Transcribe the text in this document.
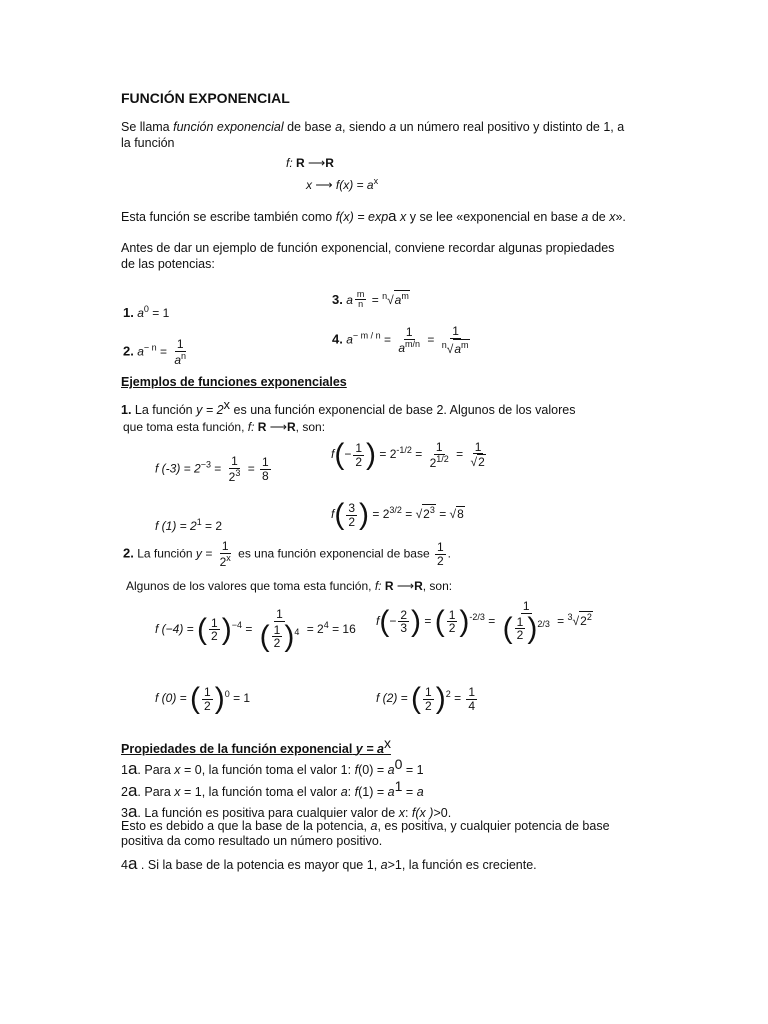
FUNCIÓN EXPONENCIAL
Se llama función exponencial de base a, siendo a un número real positivo y distinto de 1, a
la función
f: R ⟶R
x ⟶ $f(x) = a^x$
Esta función se escribe también como f(x) = expa x y se lee «exponencial en base a de x».
Antes de dar un ejemplo de función exponencial, conviene recordar algunas propiedades
de las potencias:
1. $a^0 = 1$
2. $a^{- n} = \frac{1}{a^n}$
3. a $\frac{m}{n} = ^n√a^m$
4. $a^{- m / n} = \frac{1}{a^{m/n}} = \frac{1}{^n√a^m}$
Ejemplos de funciones exponenciales
1. La función $y = 2^x$ es una función exponencial de base 2. Algunos de los valores
que toma esta función, f: R ⟶R, son:
f $(-3) = 2^{-3} = \frac{1}{2^3} = \frac{1}{8}$
f $(1) = 2^1 = 2$
$f(- \frac{1}{2}$ ) = $2^{-1/2} = \frac{1}{2^{1/2}} = \frac{1}{√2}$
$f( \frac{3}{2}$ ) = $2^{3/2} = √2^3 = √8$
2. La función $y = \frac{1}{2^x}$ es una función exponencial de base $\frac{1}{2}$ .
Algunos de los valores que toma esta función, f: R ⟶R, son:
f (−4) = ( $\frac{1}{2} )^{-4} = \frac{1}{( \frac{1}{2} )^4} = 2^4 = 16$
f (0) = ( $\frac{1}{2} )^0 = 1$
$f(- \frac{2}{3}$ ) = ( $\frac{1}{2} )^{-2/3} = \frac{1}{( \frac{1}{2} )^{2/3}} = ^3√2^2$
f (2) = ( $\frac{1}{2} )^2 = \frac{1}{4}$
Propiedades de la función exponencial $y = a^x$
1a. Para x = 0, la función toma el valor 1: $f(0) = a^0 = 1$
2a. Para x = 1, la función toma el valor a: $f(1) = a^1 = a$
3a. La función es positiva para cualquier valor de x: f(x )>0.
Esto es debido a que la base de la potencia, a, es positiva, y cualquier potencia de base
positiva da como resultado un número positivo.
4a . Si la base de la potencia es mayor que 1, a>1, la función es creciente.
